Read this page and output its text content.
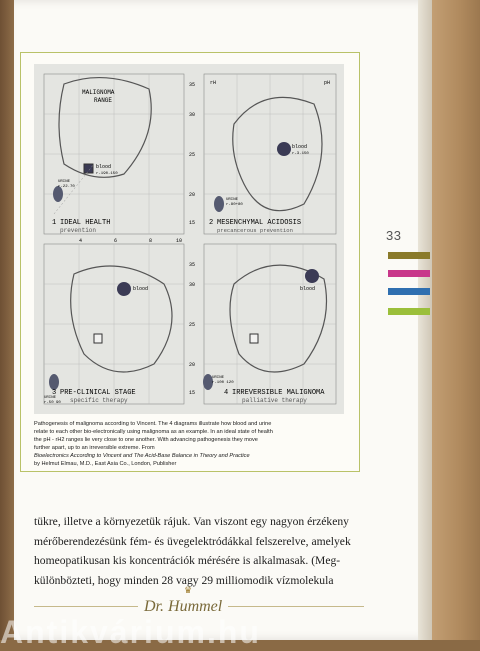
1 IDEAL HEALTH
prevention
2 MESENCHYMAL ACIDOSIS
precancerous prevention
3 PRE-CLINICAL STAGE
specific therapy
4 IRREVERSIBLE MALIGNOMA
palliative therapy
MALIGNOMA
RANGE
blood
r-190-150
URINE
r-22.70
blood
r-3.150
URINE
r-80+80
blood
URINE
r-50 90
blood
URINE
r-100 120
35
30
25
20
15
35
30
25
20
15
4	6	8	10
rH	pH

Pathogenesis of malignoma according to Vincent. The 4 diagrams illustrate how blood and urine

relate to each other bio-electronically using malignoma as an example. In an ideal state of health

the pH - rH2 ranges lie very close to one another. With advancing pathogenesis they move

further apart, up to an irreversible extreme. From

Bioelectronics According to Vincent and The Acid-Base Balance in Theory and Practice

by Helmut Elmau, M.D., East Asia Co., London, Publisher

33

tükre, illetve a környezetük rájuk. Van viszont egy nagyon érzékeny

mérőberendezésünk fém- és üvegelektródákkal felszerelve, amelyek

homeopatikusan kis koncentrációk mérésére is alkalmasak. (Meg-

különbözteti, hogy minden 28 vagy 29 milliomodik vízmolekula

♛
Dr. Hummel
Antikvárium.hu
